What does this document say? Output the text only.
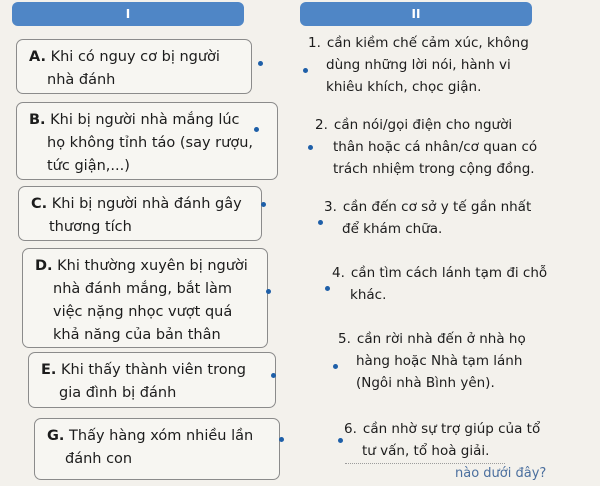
I	II
A. Khi có nguy cơ bị người
nhà đánh
B. Khi bị người nhà mắng lúc
họ không tỉnh táo (say rượu,
tức giận,...)
C. Khi bị người nhà đánh gây
thương tích
D. Khi thường xuyên bị người
nhà đánh mắng, bắt làm
việc nặng nhọc vượt quá
khả năng của bản thân
E. Khi thấy thành viên trong
gia đình bị đánh
G. Thấy hàng xóm nhiều lần
đánh con
1. cần kiềm chế cảm xúc, không
dùng những lời nói, hành vi
khiêu khích, chọc giận.
2. cần nói/gọi điện cho người
thân hoặc cá nhân/cơ quan có
trách nhiệm trong cộng đồng.
3. cần đến cơ sở y tế gần nhất
để khám chữa.
4. cần tìm cách lánh tạm đi chỗ
khác.
5. cần rời nhà đến ở nhà họ
hàng hoặc Nhà tạm lánh
(Ngôi nhà Bình yên).
6. cần nhờ sự trợ giúp của tổ
tư vấn, tổ hoà giải.
nào dưới đây?
